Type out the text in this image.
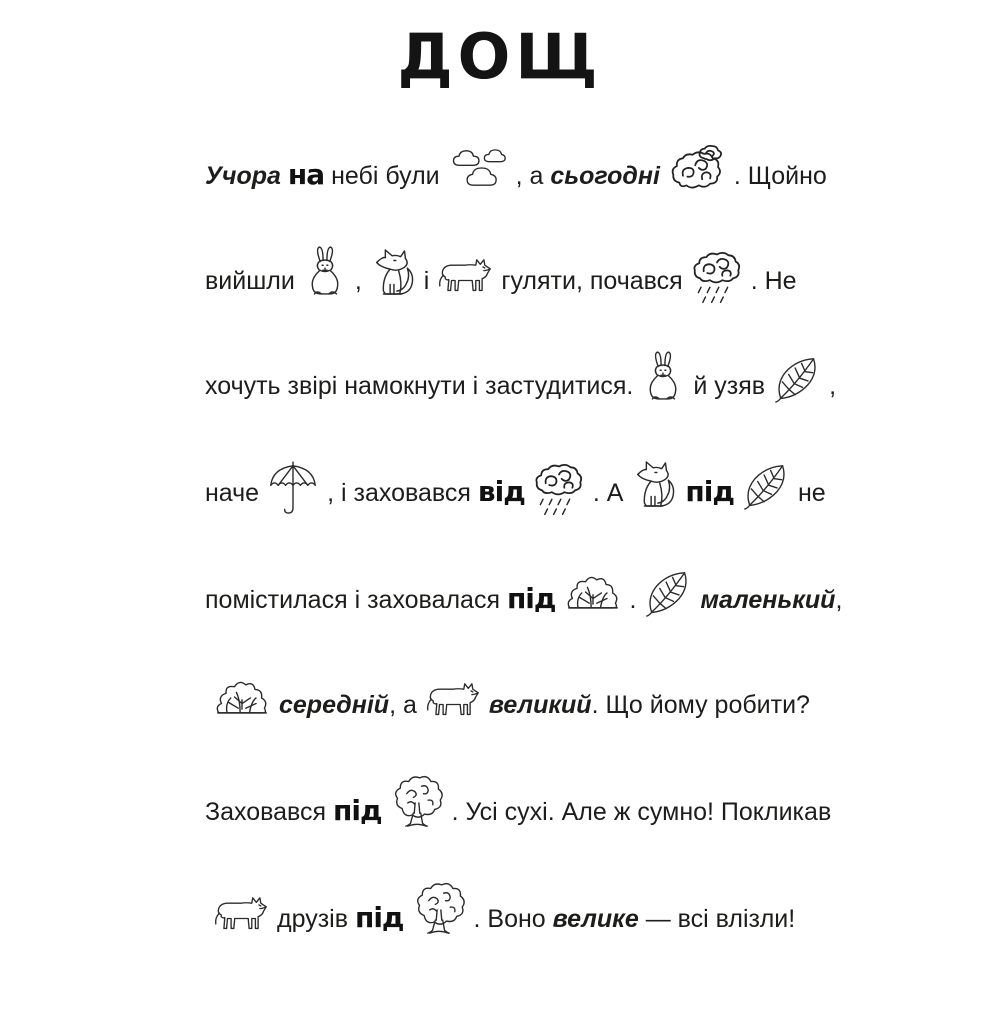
ДОЩ
Учора на небі були	, а сьогодні	. Щойно
вийшли , і	гуляти, почався	. Не
хочуть звірі намокнути і застудитися. й узяв	,
наче	, і заховався від	. А під	не
помістилася і заховалася під	.	маленький,
середній, а	великий. Що йому робити?
Заховався під	. Усі сухі. Але ж сумно! Покликав
друзів під	. Воно велике — всі влізли!
